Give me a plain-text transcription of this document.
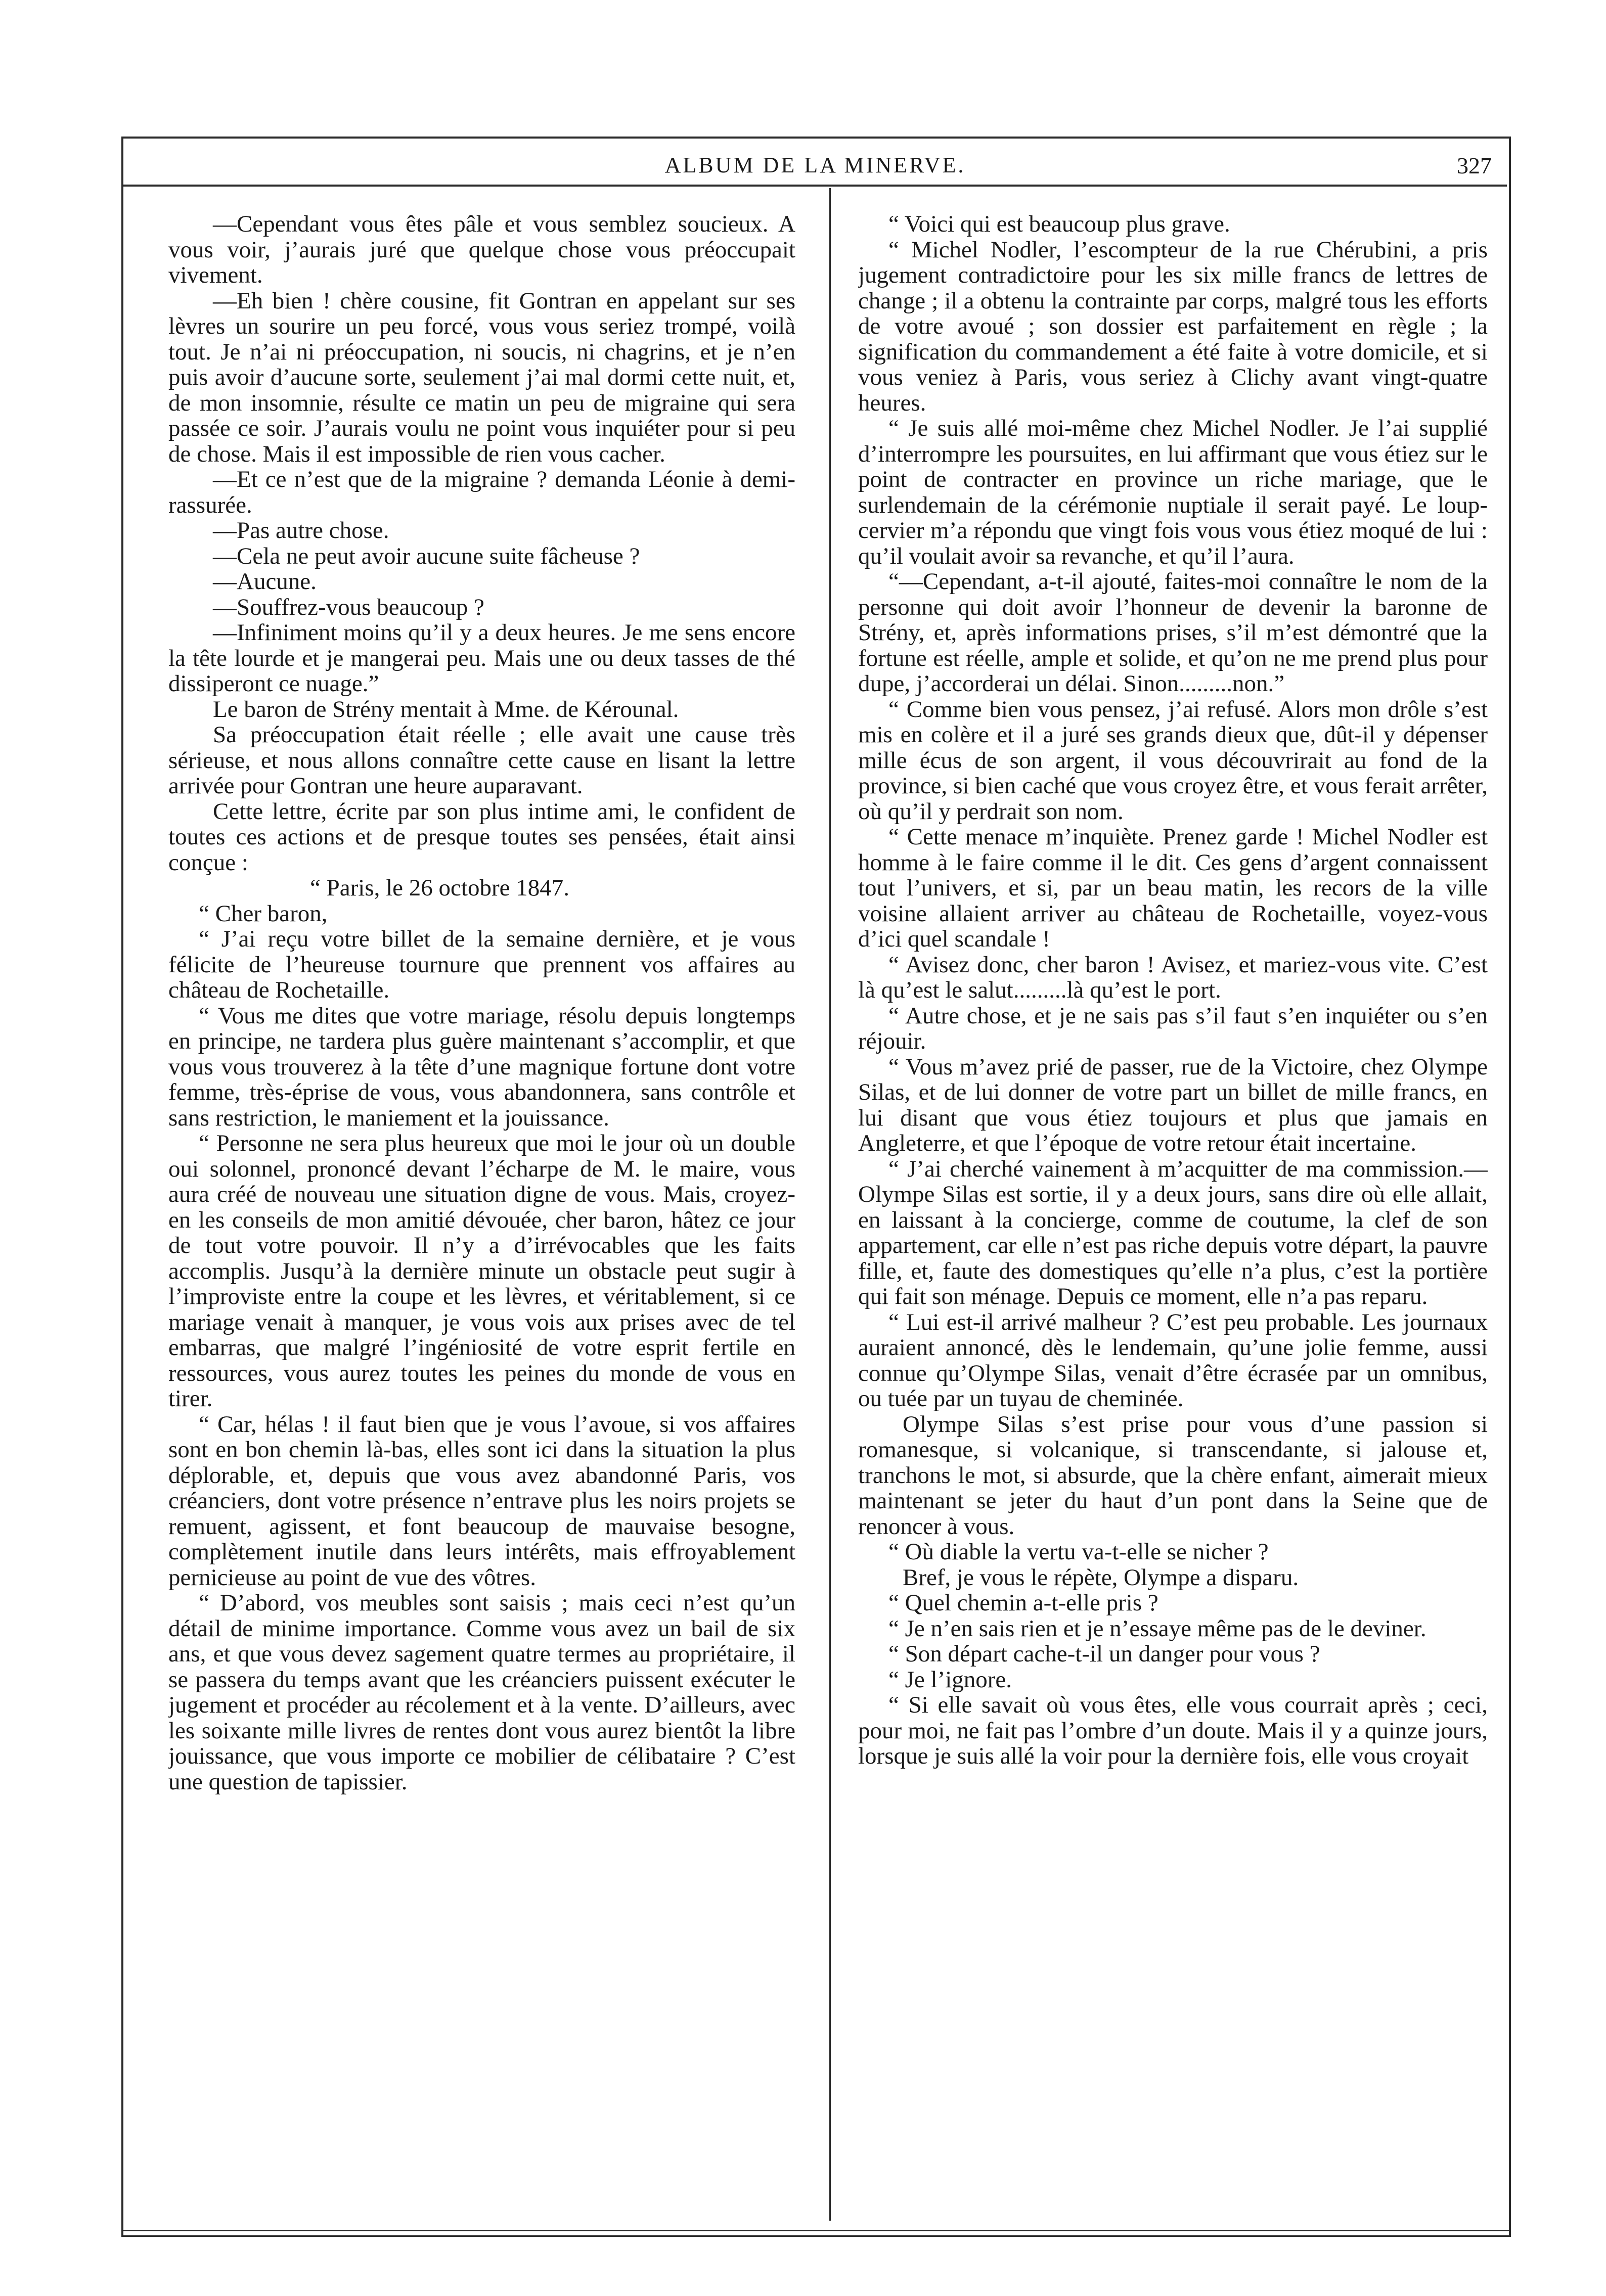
ALBUM DE LA MINERVE.	327

—Cependant vous êtes pâle et vous semblez soucieux. A vous voir, j’aurais juré que quelque chose vous préoccupait vivement.

—Eh bien ! chère cousine, fit Gontran en appelant sur ses lèvres un sourire un peu forcé, vous vous seriez trompé, voilà tout. Je n’ai ni préoccupation, ni soucis, ni chagrins, et je n’en puis avoir d’aucune sorte, seulement j’ai mal dormi cette nuit, et, de mon insomnie, résulte ce matin un peu de migraine qui sera passée ce soir. J’aurais voulu ne point vous inquiéter pour si peu de chose. Mais il est impossible de rien vous cacher.

—Et ce n’est que de la migraine ? demanda Léonie à demi-rassurée.

—Pas autre chose.

—Cela ne peut avoir aucune suite fâcheuse ?

—Aucune.

—Souffrez-vous beaucoup ?

—Infiniment moins qu’il y a deux heures. Je me sens encore la tête lourde et je mangerai peu. Mais une ou deux tasses de thé dissiperont ce nuage.”

Le baron de Strény mentait à Mme. de Kérounal.

Sa préoccupation était réelle ; elle avait une cause très sérieuse, et nous allons connaître cette cause en lisant la lettre arrivée pour Gontran une heure auparavant.

Cette lettre, écrite par son plus intime ami, le confident de toutes ces actions et de presque toutes ses pensées, était ainsi conçue :

“ Paris, le 26 octobre 1847.

“ Cher baron,

“ J’ai reçu votre billet de la semaine dernière, et je vous félicite de l’heureuse tournure que prennent vos affaires au château de Rochetaille.

“ Vous me dites que votre mariage, résolu depuis longtemps en principe, ne tardera plus guère maintenant s’accomplir, et que vous vous trouverez à la tête d’une magnique fortune dont votre femme, très-éprise de vous, vous abandonnera, sans contrôle et sans restriction, le maniement et la jouissance.

“ Personne ne sera plus heureux que moi le jour où un double oui solonnel, prononcé devant l’écharpe de M. le maire, vous aura créé de nouveau une situation digne de vous. Mais, croyez-en les conseils de mon amitié dévouée, cher baron, hâtez ce jour de tout votre pouvoir. Il n’y a d’irrévocables que les faits accomplis. Jusqu’à la dernière minute un obstacle peut sugir à l’improviste entre la coupe et les lèvres, et véritablement, si ce mariage venait à manquer, je vous vois aux prises avec de tel embarras, que malgré l’ingéniosité de votre esprit fertile en ressources, vous aurez toutes les peines du monde de vous en tirer.

“ Car, hélas ! il faut bien que je vous l’avoue, si vos affaires sont en bon chemin là-bas, elles sont ici dans la situation la plus déplorable, et, depuis que vous avez abandonné Paris, vos créanciers, dont votre présence n’entrave plus les noirs projets se remuent, agissent, et font beaucoup de mauvaise besogne, complètement inutile dans leurs intérêts, mais effroyablement pernicieuse au point de vue des vôtres.

“ D’abord, vos meubles sont saisis ; mais ceci n’est qu’un détail de minime importance. Comme vous avez un bail de six ans, et que vous devez sagement quatre termes au propriétaire, il se passera du temps avant que les créanciers puissent exécuter le jugement et procéder au récolement et à la vente. D’ailleurs, avec les soixante mille livres de rentes dont vous aurez bientôt la libre jouissance, que vous importe ce mobilier de célibataire ? C’est une question de tapissier.

“ Voici qui est beaucoup plus grave.

“ Michel Nodler, l’escompteur de la rue Chérubini, a pris jugement contradictoire pour les six mille francs de lettres de change ; il a obtenu la contrainte par corps, malgré tous les efforts de votre avoué ; son dossier est parfaitement en règle ; la signification du commandement a été faite à votre domicile, et si vous veniez à Paris, vous seriez à Clichy avant vingt-quatre heures.

“ Je suis allé moi-même chez Michel Nodler. Je l’ai supplié d’interrompre les poursuites, en lui affirmant que vous étiez sur le point de contracter en province un riche mariage, que le surlendemain de la cérémonie nuptiale il serait payé. Le loup-cervier m’a répondu que vingt fois vous vous étiez moqué de lui : qu’il voulait avoir sa revanche, et qu’il l’aura.

“—Cependant, a-t-il ajouté, faites-moi connaître le nom de la personne qui doit avoir l’honneur de devenir la baronne de Strény, et, après informations prises, s’il m’est démontré que la fortune est réelle, ample et solide, et qu’on ne me prend plus pour dupe, j’accorderai un délai. Sinon.........non.”

“ Comme bien vous pensez, j’ai refusé. Alors mon drôle s’est mis en colère et il a juré ses grands dieux que, dût-il y dépenser mille écus de son argent, il vous découvrirait au fond de la province, si bien caché que vous croyez être, et vous ferait arrêter, où qu’il y perdrait son nom.

“ Cette menace m’inquiète. Prenez garde ! Michel Nodler est homme à le faire comme il le dit. Ces gens d’argent connaissent tout l’univers, et si, par un beau matin, les recors de la ville voisine allaient arriver au château de Rochetaille, voyez-vous d’ici quel scandale !

“ Avisez donc, cher baron ! Avisez, et mariez-vous vite. C’est là qu’est le salut.........là qu’est le port.

“ Autre chose, et je ne sais pas s’il faut s’en inquiéter ou s’en réjouir.

“ Vous m’avez prié de passer, rue de la Victoire, chez Olympe Silas, et de lui donner de votre part un billet de mille francs, en lui disant que vous étiez toujours et plus que jamais en Angleterre, et que l’époque de votre retour était incertaine.

“ J’ai cherché vainement à m’acquitter de ma commission.—Olympe Silas est sortie, il y a deux jours, sans dire où elle allait, en laissant à la concierge, comme de coutume, la clef de son appartement, car elle n’est pas riche depuis votre départ, la pauvre fille, et, faute des domestiques qu’elle n’a plus, c’est la portière qui fait son ménage. Depuis ce moment, elle n’a pas reparu.

“ Lui est-il arrivé malheur ? C’est peu probable. Les journaux auraient annoncé, dès le lendemain, qu’une jolie femme, aussi connue qu’Olympe Silas, venait d’être écrasée par un omnibus, ou tuée par un tuyau de cheminée.

Olympe Silas s’est prise pour vous d’une passion si romanesque, si volcanique, si transcendante, si jalouse et, tranchons le mot, si absurde, que la chère enfant, aimerait mieux maintenant se jeter du haut d’un pont dans la Seine que de renoncer à vous.

“ Où diable la vertu va-t-elle se nicher ?

Bref, je vous le répète, Olympe a disparu.

“ Quel chemin a-t-elle pris ?

“ Je n’en sais rien et je n’essaye même pas de le deviner.

“ Son départ cache-t-il un danger pour vous ?

“ Je l’ignore.

“ Si elle savait où vous êtes, elle vous courrait après ; ceci, pour moi, ne fait pas l’ombre d’un doute. Mais il y a quinze jours, lorsque je suis allé la voir pour la dernière fois, elle vous croyait
